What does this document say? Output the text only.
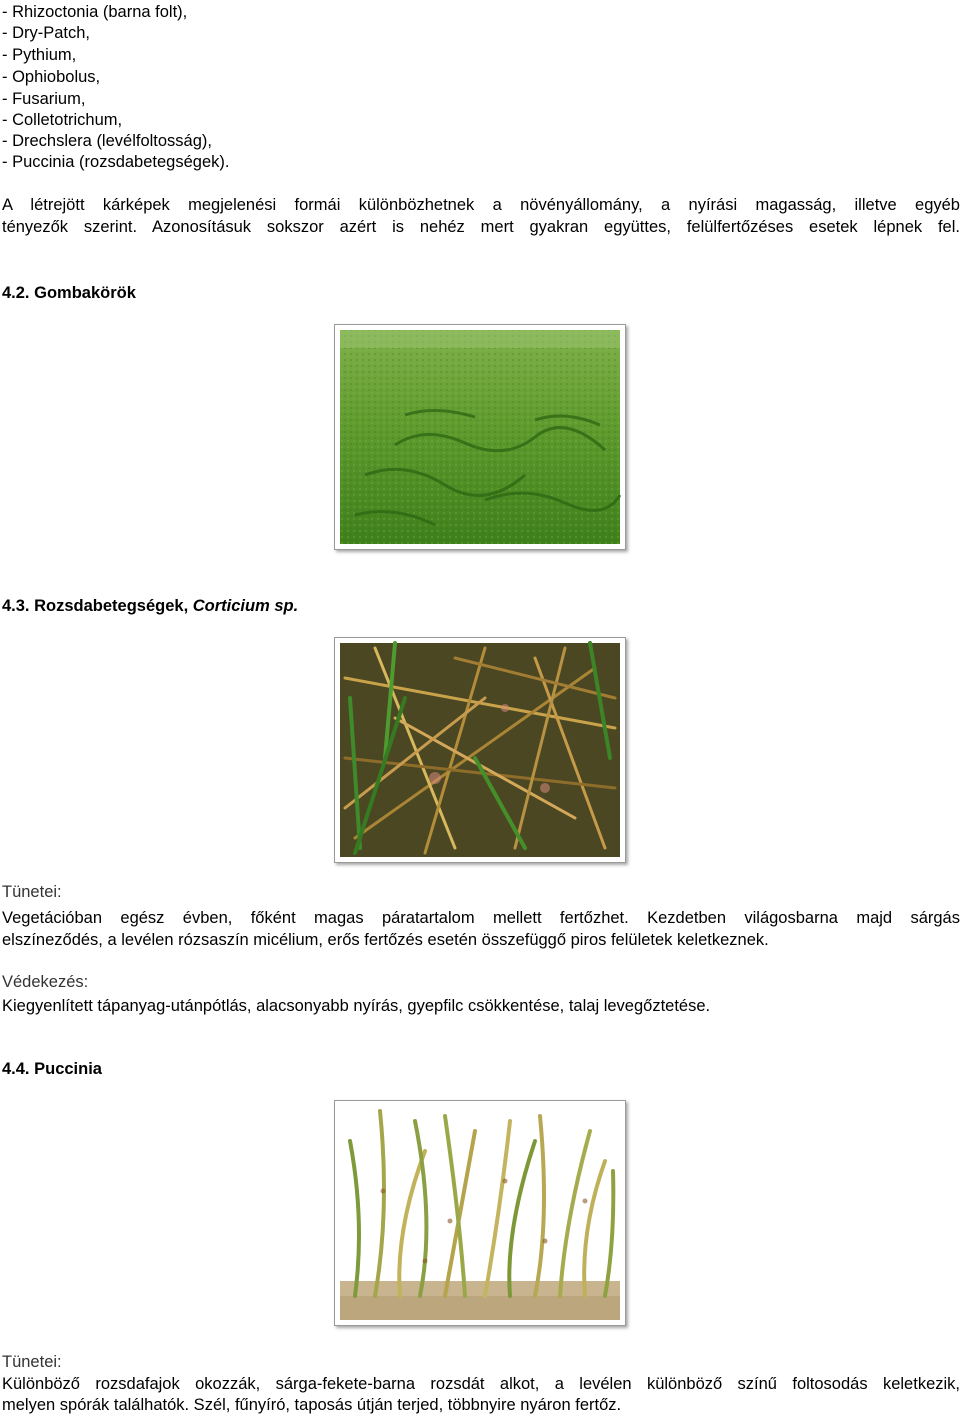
- Rhizoctonia (barna folt),
- Dry-Patch,
- Pythium,
- Ophiobolus,
- Fusarium,
- Colletotrichum,
- Drechslera (levélfoltosság),
- Puccinia (rozsdabetegségek).
A létrejött kárképek megjelenési formái különbözhetnek a növényállomány, a nyírási magasság, illetve egyéb
tényezők szerint. Azonosításuk sokszor azért is nehéz mert gyakran együttes, felülfertőzéses esetek lépnek fel.
4.2. Gombakörök
4.3. Rozsdabetegségek, Corticium sp.
Tünetei:
Vegetációban egész évben, főként magas páratartalom mellett fertőzhet. Kezdetben világosbarna majd sárgás
elszíneződés, a levélen rózsaszín micélium, erős fertőzés esetén összefüggő piros felületek keletkeznek.
Védekezés:
Kiegyenlített tápanyag-utánpótlás, alacsonyabb nyírás, gyepfilc csökkentése, talaj levegőztetése.
4.4. Puccinia
Tünetei:
Különböző rozsdafajok okozzák, sárga-fekete-barna rozsdát alkot, a levélen különböző színű foltosodás keletkezik,
melyen spórák találhatók. Szél, fűnyíró, taposás útján terjed, többnyire nyáron fertőz.
